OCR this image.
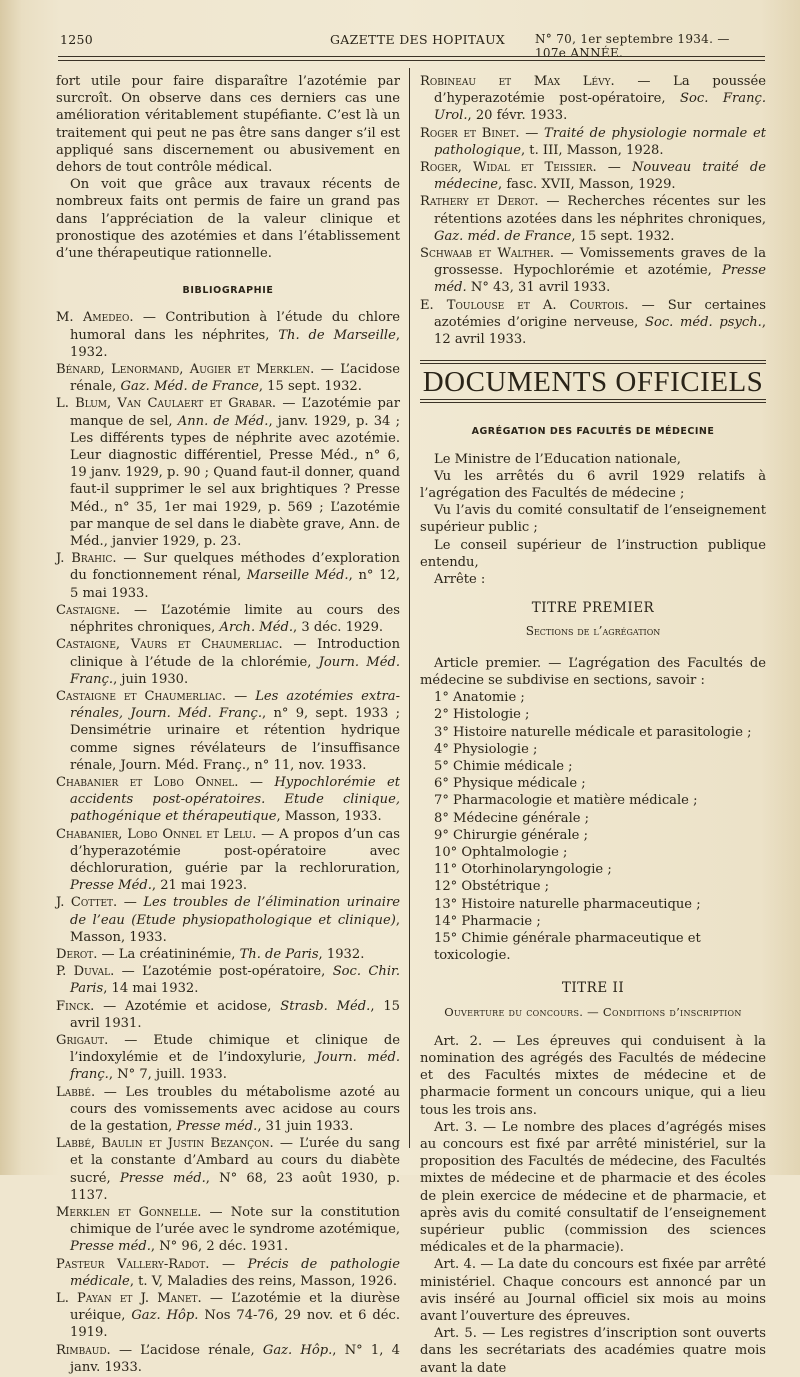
1250	GAZETTE DES HOPITAUX N° 70, 1er septembre 1934. — 107e ANNÉE.

fort utile pour faire disparaître l’azotémie par surcroît. On observe dans ces derniers cas une amélioration véritablement stupéfiante. C’est là un traitement qui peut ne pas être sans danger s’il est appliqué sans discernement ou abusivement en dehors de tout contrôle médical.

On voit que grâce aux travaux récents de nombreux faits ont permis de faire un grand pas dans l’appréciation de la valeur clinique et pronostique des azotémies et dans l’établissement d’une thérapeutique rationnelle.

BIBLIOGRAPHIE

M. Amedeo. — Contribution à l’étude du chlore humoral dans les néphrites, Th. de Marseille, 1932.

Bénard, Lenormand, Augier et Merklen. — L’acidose rénale, Gaz. Méd. de France, 15 sept. 1932.

L. Blum, Van Caulaert et Grabar. — L’azotémie par manque de sel, Ann. de Méd., janv. 1929, p. 34 ; Les différents types de néphrite avec azotémie. Leur diagnostic différentiel, Presse Méd., n° 6, 19 janv. 1929, p. 90 ; Quand faut-il donner, quand faut-il supprimer le sel aux brightiques ? Presse Méd., n° 35, 1er mai 1929, p. 569 ; L’azotémie par manque de sel dans le diabète grave, Ann. de Méd., janvier 1929, p. 23.

J. Brahic. — Sur quelques méthodes d’exploration du fonctionnement rénal, Marseille Méd., n° 12, 5 mai 1933.

Castaigne. — L’azotémie limite au cours des néphrites chroniques, Arch. Méd., 3 déc. 1929.

Castaigne, Vaurs et Chaumerliac. — Introduction clinique à l’étude de la chlorémie, Journ. Méd. Franç., juin 1930.

Castaigne et Chaumerliac. — Les azotémies extra-rénales, Journ. Méd. Franç., n° 9, sept. 1933 ; Densimétrie urinaire et rétention hydrique comme signes révélateurs de l’insuffisance rénale, Journ. Méd. Franç., n° 11, nov. 1933.

Chabanier et Lobo Onnel. — Hypochlorémie et accidents post-opératoires. Etude clinique, pathogénique et thérapeutique, Masson, 1933.

Chabanier, Lobo Onnel et Lelu. — A propos d’un cas d’hyperazotémie post-opératoire avec déchloruration, guérie par la rechloruration, Presse Méd., 21 mai 1923.

J. Cottet. — Les troubles de l’élimination urinaire de l’eau (Etude physiopathologique et clinique), Masson, 1933.

Derot. — La créatininémie, Th. de Paris, 1932.

P. Duval. — L’azotémie post-opératoire, Soc. Chir. Paris, 14 mai 1932.

Finck. — Azotémie et acidose, Strasb. Méd., 15 avril 1931.

Grigaut. — Etude chimique et clinique de l’indoxylémie et de l’indoxylurie, Journ. méd. franç., N° 7, juill. 1933.

Labbé. — Les troubles du métabolisme azoté au cours des vomissements avec acidose au cours de la gestation, Presse méd., 31 juin 1933.

Labbé, Baulin et Justin Bezançon. — L’urée du sang et la constante d’Ambard au cours du diabète sucré, Presse méd., N° 68, 23 août 1930, p. 1137.

Merklen et Gonnelle. — Note sur la constitution chimique de l’urée avec le syndrome azotémique, Presse méd., N° 96, 2 déc. 1931.

Pasteur Vallery-Radot. — Précis de pathologie médicale, t. V, Maladies des reins, Masson, 1926.

L. Payan et J. Manet. — L’azotémie et la diurèse uréique, Gaz. Hôp. Nos 74-76, 29 nov. et 6 déc. 1919.

Rimbaud. — L’acidose rénale, Gaz. Hôp., N° 1, 4 janv. 1933.

Robineau et Max Lévy. — La poussée d’hyperazotémie post-opératoire, Soc. Franç. Urol., 20 févr. 1933.

Roger et Binet. — Traité de physiologie normale et pathologique, t. III, Masson, 1928.

Roger, Widal et Teissier. — Nouveau traité de médecine, fasc. XVII, Masson, 1929.

Rathery et Derot. — Recherches récentes sur les rétentions azotées dans les néphrites chroniques, Gaz. méd. de France, 15 sept. 1932.

Schwaab et Walther. — Vomissements graves de la grossesse. Hypochlorémie et azotémie, Presse méd. N° 43, 31 avril 1933.

E. Toulouse et A. Courtois. — Sur certaines azotémies d’origine nerveuse, Soc. méd. psych., 12 avril 1933.

DOCUMENTS OFFICIELS
AGRÉGATION DES FACULTÉS DE MÉDECINE

Le Ministre de l’Education nationale,

Vu les arrêtés du 6 avril 1929 relatifs à l’agrégation des Facultés de médecine ;

Vu l’avis du comité consultatif de l’enseignement supérieur public ;

Le conseil supérieur de l’instruction publique entendu,

Arrête :

TITRE PREMIER
Sections de l’agrégation

Article premier. — L’agrégation des Facultés de médecine se subdivise en sections, savoir :

1° Anatomie ;
2° Histologie ;
3° Histoire naturelle médicale et parasitologie ;
4° Physiologie ;
5° Chimie médicale ;
6° Physique médicale ;
7° Pharmacologie et matière médicale ;
8° Médecine générale ;
9° Chirurgie générale ;
10° Ophtalmologie ;
11° Otorhinolaryngologie ;
12° Obstétrique ;
13° Histoire naturelle pharmaceutique ;
14° Pharmacie ;
15° Chimie générale pharmaceutique et toxicologie.
TITRE II
Ouverture du concours. — Conditions d’inscription

Art. 2. — Les épreuves qui conduisent à la nomination des agrégés des Facultés de médecine et des Facultés mixtes de médecine et de pharmacie forment un concours unique, qui a lieu tous les trois ans.

Art. 3. — Le nombre des places d’agrégés mises au concours est fixé par arrêté ministériel, sur la proposition des Facultés de médecine, des Facultés mixtes de médecine et de pharmacie et des écoles de plein exercice de médecine et de pharmacie, et après avis du comité consultatif de l’enseignement supérieur public (commission des sciences médicales et de la pharmacie).

Art. 4. — La date du concours est fixée par arrêté ministériel. Chaque concours est annoncé par un avis inséré au Journal officiel six mois au moins avant l’ouverture des épreuves.

Art. 5. — Les registres d’inscription sont ouverts dans les secrétariats des académies quatre mois avant la date
